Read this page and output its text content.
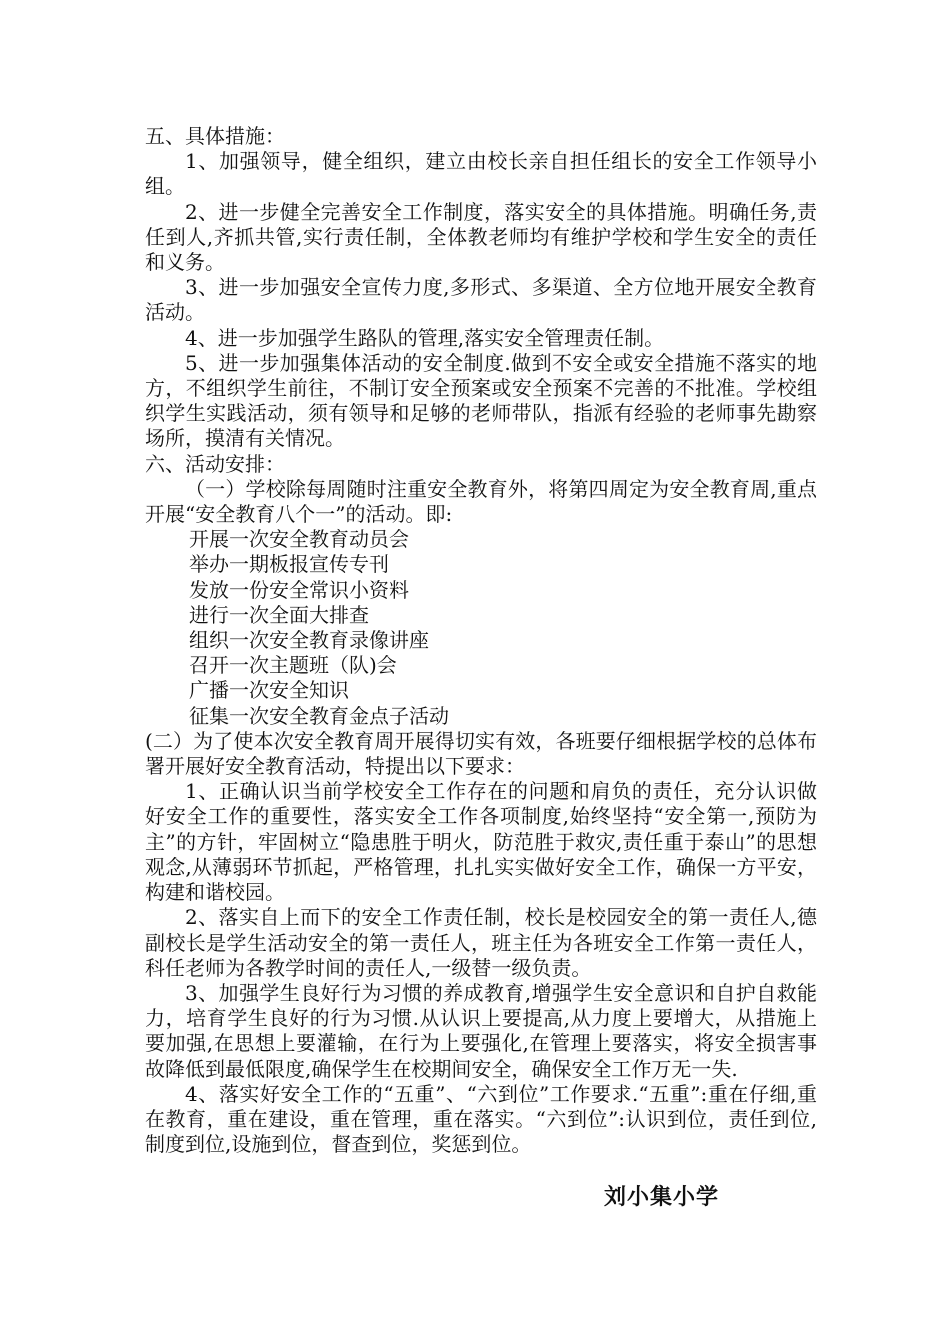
五、具体措施：

1、加强领导，健全组织，建立由校长亲自担任组长的安全工作领导小组。

2、进一步健全完善安全工作制度，落实安全的具体措施。明确任务,责任到人,齐抓共管,实行责任制，全体教老师均有维护学校和学生安全的责任和义务。

3、进一步加强安全宣传力度,多形式、多渠道、全方位地开展安全教育活动。

4、进一步加强学生路队的管理,落实安全管理责任制。

5、进一步加强集体活动的安全制度.做到不安全或安全措施不落实的地方，不组织学生前往，不制订安全预案或安全预案不完善的不批准。学校组织学生实践活动，须有领导和足够的老师带队，指派有经验的老师事先勘察场所，摸清有关情况。

六、活动安排：

（一）学校除每周随时注重安全教育外，将第四周定为安全教育周,重点开展“安全教育八个一”的活动。即:

开展一次安全教育动员会

举办一期板报宣传专刊

发放一份安全常识小资料

进行一次全面大排查

组织一次安全教育录像讲座

召开一次主题班（队)会

广播一次安全知识

征集一次安全教育金点子活动

(二）为了使本次安全教育周开展得切实有效，各班要仔细根据学校的总体布署开展好安全教育活动，特提出以下要求：

1、正确认识当前学校安全工作存在的问题和肩负的责任，充分认识做好安全工作的重要性，落实安全工作各项制度,始终坚持“安全第一,预防为主”的方针，牢固树立“隐患胜于明火，防范胜于救灾,责任重于泰山”的思想观念,从薄弱环节抓起，严格管理，扎扎实实做好安全工作，确保一方平安，构建和谐校园。

2、落实自上而下的安全工作责任制，校长是校园安全的第一责任人,德副校长是学生活动安全的第一责任人，班主任为各班安全工作第一责任人，科任老师为各教学时间的责任人,一级替一级负责。

3、加强学生良好行为习惯的养成教育,增强学生安全意识和自护自救能力，培育学生良好的行为习惯.从认识上要提高,从力度上要增大，从措施上要加强,在思想上要灌输，在行为上要强化,在管理上要落实，将安全损害事故降低到最低限度,确保学生在校期间安全，确保安全工作万无一失.

4、落实好安全工作的“五重”、“六到位”工作要求.“五重”:重在仔细,重在教育，重在建设，重在管理，重在落实。“六到位”:认识到位，责任到位,制度到位,设施到位，督查到位，奖惩到位。

刘小集小学
